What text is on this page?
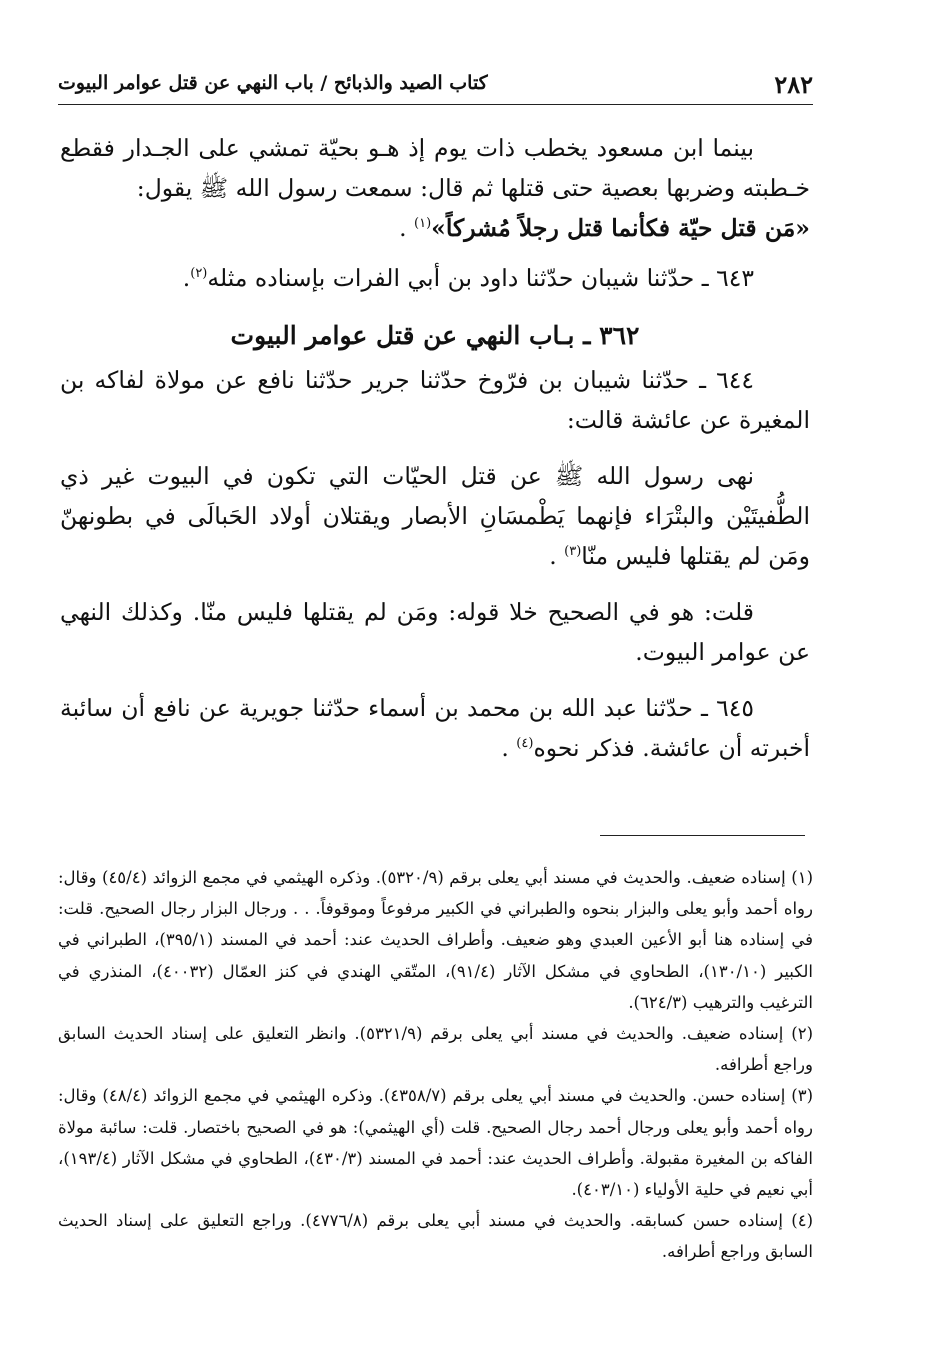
٢٨٢
كتاب الصيد والذبائح / باب النهي عن قتل عوامر البيوت

بينما ابن مسعود يخطب ذات يوم إذ هـو بحيّة تمشي على الجـدار فقطع خـطبته وضربها بعصية حتى قتلها ثم قال: سمعت رسول الله ﷺ يقول:
«مَن قتل حيّة فكأنما قتل رجلاً مُشركاً»$^{(١)}$ .

٦٤٣ ـ حدّثنا شيبان حدّثنا داود بن أبي الفرات بإسناده مثله$^{(٢)}$.

٣٦٢ ـ بـاب النهي عن قتل عوامر البيوت

٦٤٤ ـ حدّثنا شيبان بن فرّوخ حدّثنا جرير حدّثنا نافع عن مولاة لفاكه بن المغيرة عن عائشة قالت:

نهى رسول الله ﷺ عن قتل الحيّات التي تكون في البيوت غير ذي الطُّفيتَيْن والبتْرَاء فإنهما يَطْمسَانِ الأبصار ويقتلان أولاد الحَبالَى في بطونهنّ ومَن لم يقتلها فليس منّا$^{(٣)}$ .

قلت: هو في الصحيح خلا قوله: ومَن لم يقتلها فليس منّا. وكذلك النهي عن عوامر البيوت.

٦٤٥ ـ حدّثنا عبد الله بن محمد بن أسماء حدّثنا جويرية عن نافع أن سائبة أخبرته أن عائشة. فذكر نحوه$^{(٤)}$ .

(١) إسناده ضعيف. والحديث في مسند أبي يعلى برقم (٥٣٢٠/٩). وذكره الهيثمي في مجمع الزوائد (٤٥/٤) وقال: رواه أحمد وأبو يعلى والبزار بنحوه والطبراني في الكبير مرفوعاً وموقوفاً. . . ورجال البزار رجال الصحيح. قلت: في إسناده هنا أبو الأعين العبدي وهو ضعيف. وأطراف الحديث عند: أحمد في المسند (٣٩٥/١)، الطبراني في الكبير (١٣٠/١٠)، الطحاوي في مشكل الآثار (٩١/٤)، المتّقي الهندي في كنز العمّال (٤٠٠٣٢)، المنذري في الترغيب والترهيب (٦٢٤/٣).

(٢) إسناده ضعيف. والحديث في مسند أبي يعلى برقم (٥٣٢١/٩). وانظر التعليق على إسناد الحديث السابق وراجع أطرافه.

(٣) إسناده حسن. والحديث في مسند أبي يعلى برقم (٤٣٥٨/٧). وذكره الهيثمي في مجمع الزوائد (٤٨/٤) وقال: رواه أحمد وأبو يعلى ورجال أحمد رجال الصحيح. قلت (أي الهيثمي): هو في الصحيح باختصار. قلت: سائبة مولاة الفاكه بن المغيرة مقبولة. وأطراف الحديث عند: أحمد في المسند (٤٣٠/٣)، الطحاوي في مشكل الآثار (١٩٣/٤)، أبي نعيم في حلية الأولياء (٤٠٣/١٠).

(٤) إسناده حسن كسابقه. والحديث في مسند أبي يعلى برقم (٤٧٧٦/٨). وراجع التعليق على إسناد الحديث السابق وراجع أطرافه.
